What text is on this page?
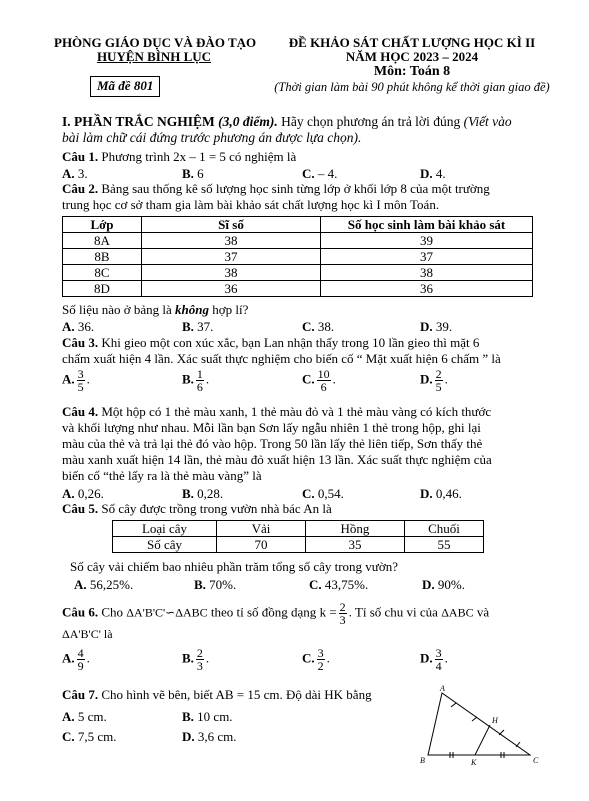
PHÒNG GIÁO DỤC VÀ ĐÀO TẠO
HUYỆN BÌNH LỤC
Mã đề 801
ĐỀ KHẢO SÁT CHẤT LƯỢNG HỌC KÌ II
NĂM HỌC 2023 – 2024
Môn: Toán 8
(Thời gian làm bài 90 phút không kể thời gian giao đề)
I. PHẦN TRẮC NGHIỆM (3,0 điểm). Hãy chọn phương án trả lời đúng (Viết vào
bài làm chữ cái đứng trước phương án được lựa chọn).
Câu 1. Phương trình 2x – 1 = 5 có nghiệm là
A. 3.	B. 6	C. – 4.	D. 4.
Câu 2. Bảng sau thống kê số lượng học sinh từng lớp ở khối lớp 8 của một trường
trung học cơ sở tham gia làm bài khảo sát chất lượng học kì I môn Toán.
Lớp	Sĩ số	Số học sinh làm bài khảo sát
8A	38	39
8B	37	37
8C	38	38
8D	36	36
Số liệu nào ở bảng là không hợp lí?
A. 36.	B. 37.	C. 38.	D. 39.
Câu 3. Khi gieo một con xúc xắc, bạn Lan nhận thấy trong 10 lần gieo thì mặt 6
chấm xuất hiện 4 lần. Xác suất thực nghiệm cho biến cố “ Mặt xuất hiện 6 chấm ” là
A. $\frac{3}{5}$ .	B. $\frac{1}{6}$ .	C. $\frac{10}{6}$ .	D. $\frac{2}{5}$ .
Câu 4. Một hộp có 1 thẻ màu xanh, 1 thẻ màu đỏ và 1 thẻ màu vàng có kích thước
và khối lượng như nhau. Mỗi lần bạn Sơn lấy ngẫu nhiên 1 thẻ trong hộp, ghi lại
màu của thẻ và trả lại thẻ đó vào hộp. Trong 50 lần lấy thẻ liên tiếp, Sơn thấy thẻ
màu xanh xuất hiện 14 lần, thẻ màu đỏ xuất hiện 13 lần. Xác suất thực nghiệm của
biến cố “thẻ lấy ra là thẻ màu vàng” là
A. 0,26.	B. 0,28.	C. 0,54.	D. 0,46.
Câu 5. Số cây được trồng trong vườn nhà bác An là
Loại cây	Vải	Hồng	Chuối
Số cây	70	35	55
Số cây vải chiếm bao nhiêu phần trăm tổng số cây trong vườn?
A. 56,25%.	B. 70%.	C. 43,75%.	D. 90%.
Câu 6. Cho ΔA'B'C'∽ΔABC theo tỉ số đồng dạng $k = \frac{2}{3}$ . Tỉ số chu vi của ΔABC và
ΔA'B'C' là
A. $\frac{4}{9}$ .	B. $\frac{2}{3}$ .	C. $\frac{3}{2}$ .	D. $\frac{3}{4}$ .
Câu 7. Cho hình vẽ bên, biết AB = 15 cm. Độ dài HK bằng
A. 5 cm.	B. 10 cm.
C. 7,5 cm.	D. 3,6 cm.
A
B	C
H
K
